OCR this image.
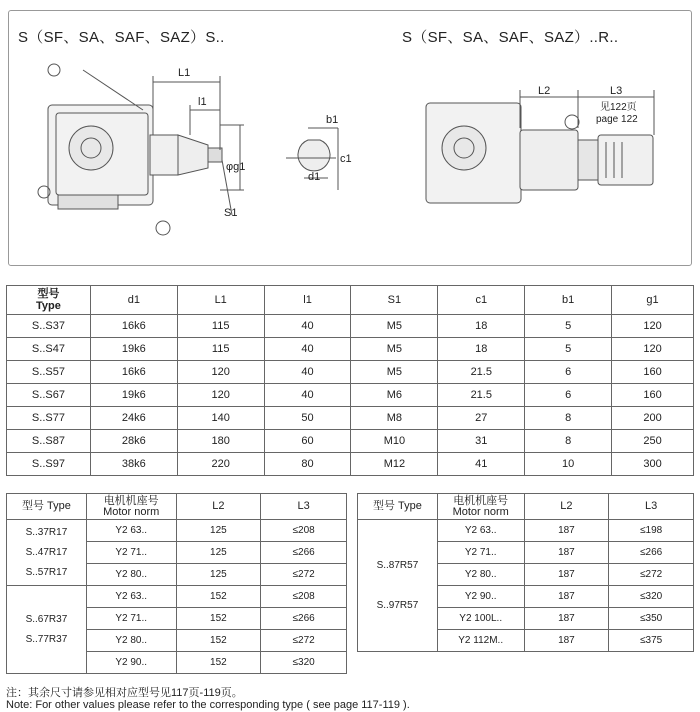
S（SF、SA、SAF、SAZ）S..	S（SF、SA、SAF、SAZ）..R..
L1
l1
φg1
S1
b1
c1
d1
L2	L3
见122页
page 122
型号
Type	d1	L1	l1	S1	c1	b1	g1
S..S37	16k6	115	40	M5	18	5	120
S..S47	19k6	115	40	M5	18	5	120
S..S57	16k6	120	40	M5	21.5	6	160
S..S67	19k6	120	40	M6	21.5	6	160
S..S77	24k6	140	50	M8	27	8	200
S..S87	28k6	180	60	M10	31	8	250
S..S97	38k6	220	80	M12	41	10	300
型号 Type	电机机座号
Motor norm	L2	L3

S..37R17
S..47R17
S..57R17	Y2 63..	125	≤208
	Y2 71..	125	≤266
	Y2 80..	125	≤272

S..67R37
S..77R37	Y2 63..	152	≤208
	Y2 71..	152	≤266
	Y2 80..	152	≤272
	Y2 90..	152	≤320
型号 Type	电机机座号
Motor norm	L2	L3

S..87R57
S..97R57	Y2 63..	187	≤198
	Y2 71..	187	≤266
	Y2 80..	187	≤272
	Y2 90..	187	≤320
	Y2 100L..	187	≤350
	Y2 112M..	187	≤375
注：其余尺寸请参见相对应型号见117页-119页。
Note: For other values please refer to the corresponding type ( see page 117-119 ).
